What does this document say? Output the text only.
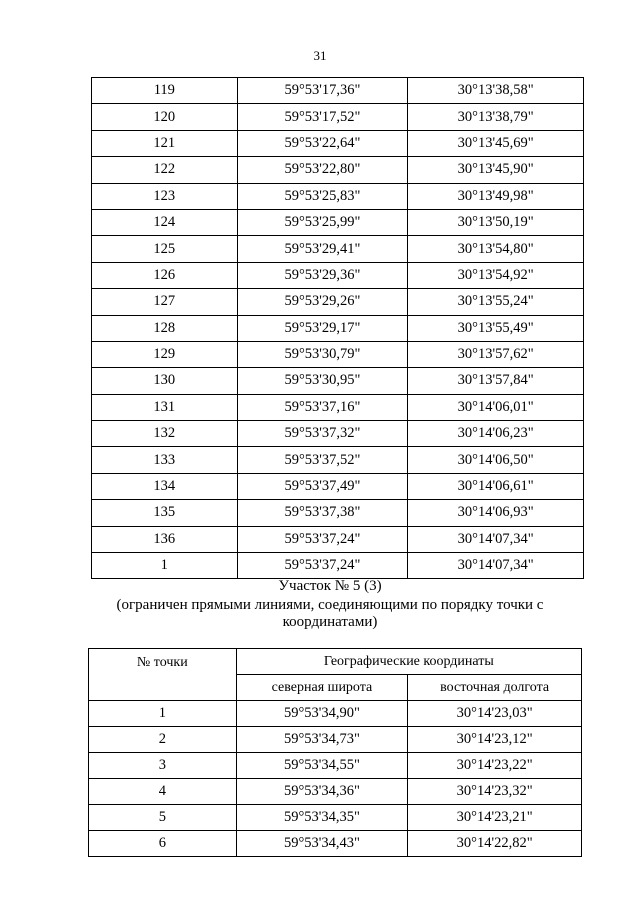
31
119	59°53'17,36"	30°13'38,58"
120	59°53'17,52"	30°13'38,79"
121	59°53'22,64"	30°13'45,69"
122	59°53'22,80"	30°13'45,90"
123	59°53'25,83"	30°13'49,98"
124	59°53'25,99"	30°13'50,19"
125	59°53'29,41"	30°13'54,80"
126	59°53'29,36"	30°13'54,92"
127	59°53'29,26"	30°13'55,24"
128	59°53'29,17"	30°13'55,49"
129	59°53'30,79"	30°13'57,62"
130	59°53'30,95"	30°13'57,84"
131	59°53'37,16"	30°14'06,01"
132	59°53'37,32"	30°14'06,23"
133	59°53'37,52"	30°14'06,50"
134	59°53'37,49"	30°14'06,61"
135	59°53'37,38"	30°14'06,93"
136	59°53'37,24"	30°14'07,34"
1	59°53'37,24"	30°14'07,34"
Участок № 5 (3)
(ограничен прямыми линиями, соединяющими по порядку точки с координатами)
№ точки	Географические координаты	
	северная широта	восточная долгота
1	59°53'34,90"	30°14'23,03"
2	59°53'34,73"	30°14'23,12"
3	59°53'34,55"	30°14'23,22"
4	59°53'34,36"	30°14'23,32"
5	59°53'34,35"	30°14'23,21"
6	59°53'34,43"	30°14'22,82"
